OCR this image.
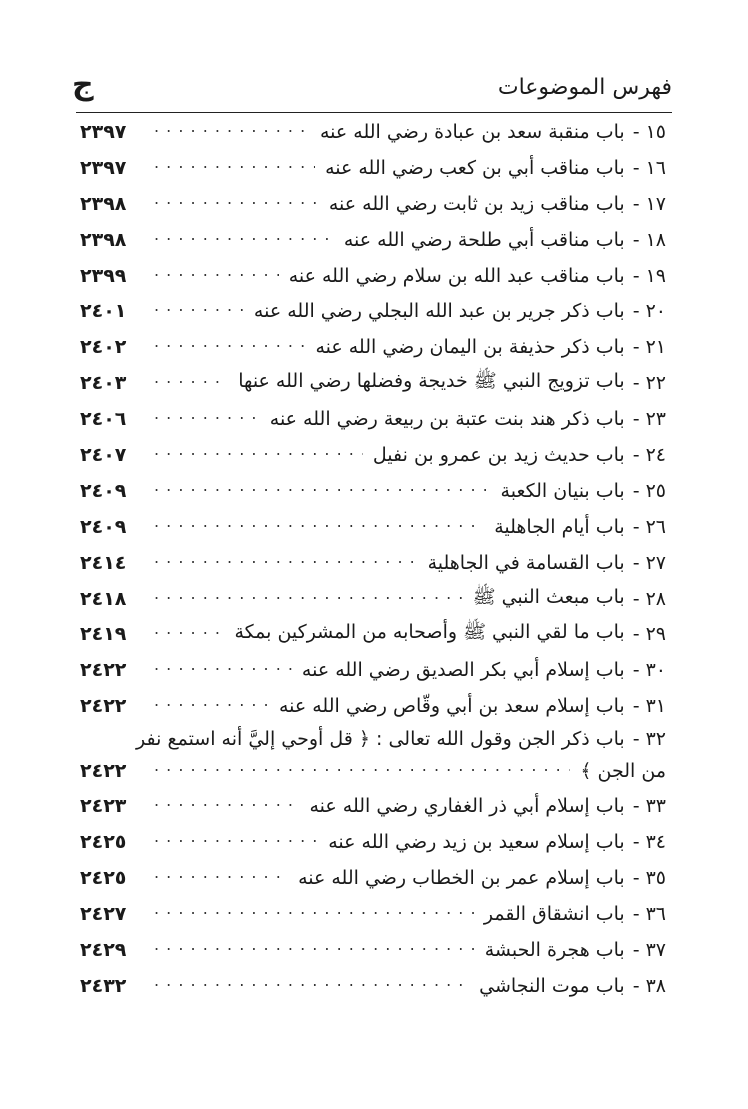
فهرس الموضوعات
ج
١٥
-
باب منقبة سعد بن عبادة رضي الله عنه
. . .
٢٣٩٧
١٦
-
باب مناقب أبي بن كعب رضي الله عنه
. . .
٢٣٩٧
١٧
-
باب مناقب زيد بن ثابت رضي الله عنه
. . .
٢٣٩٨
١٨
-
باب مناقب أبي طلحة رضي الله عنه
. . .
٢٣٩٨
١٩
-
باب مناقب عبد الله بن سلام رضي الله عنه
. . .
٢٣٩٩
٢٠
-
باب ذكر جرير بن عبد الله البجلي رضي الله عنه
. . .
٢٤٠١
٢١
-
باب ذكر حذيفة بن اليمان رضي الله عنه
. . .
٢٤٠٢
٢٢
-
باب تزويج النبي ﷺ خديجة وفضلها رضي الله عنها
. . .
٢٤٠٣
٢٣
-
باب ذكر هند بنت عتبة بن ربيعة رضي الله عنه
. . .
٢٤٠٦
٢٤
-
باب حديث زيد بن عمرو بن نفيل
. . .
٢٤٠٧
٢٥
-
باب بنيان الكعبة
. . .
٢٤٠٩
٢٦
-
باب أيام الجاهلية
. . .
٢٤٠٩
٢٧
-
باب القسامة في الجاهلية
. . .
٢٤١٤
٢٨
-
باب مبعث النبي ﷺ
. . .
٢٤١٨
٢٩
-
باب ما لقي النبي ﷺ وأصحابه من المشركين بمكة
. . .
٢٤١٩
٣٠
-
باب إسلام أبي بكر الصديق رضي الله عنه
. . .
٢٤٢٢
٣١
-
باب إسلام سعد بن أبي وقّاص رضي الله عنه
. . .
٢٤٢٢
٣٢
-
باب ذكر الجن وقول الله تعالى : ﴿ قل أوحي إليَّ أنه استمع نفر
من الجن ﴾
. . .
٢٤٢٢
٣٣
-
باب إسلام أبي ذر الغفاري رضي الله عنه
. . .
٢٤٢٣
٣٤
-
باب إسلام سعيد بن زيد رضي الله عنه
. . .
٢٤٢٥
٣٥
-
باب إسلام عمر بن الخطاب رضي الله عنه
. . .
٢٤٢٥
٣٦
-
باب انشقاق القمر
. . .
٢٤٢٧
٣٧
-
باب هجرة الحبشة
. . .
٢٤٢٩
٣٨
-
باب موت النجاشي
. . .
٢٤٣٢
